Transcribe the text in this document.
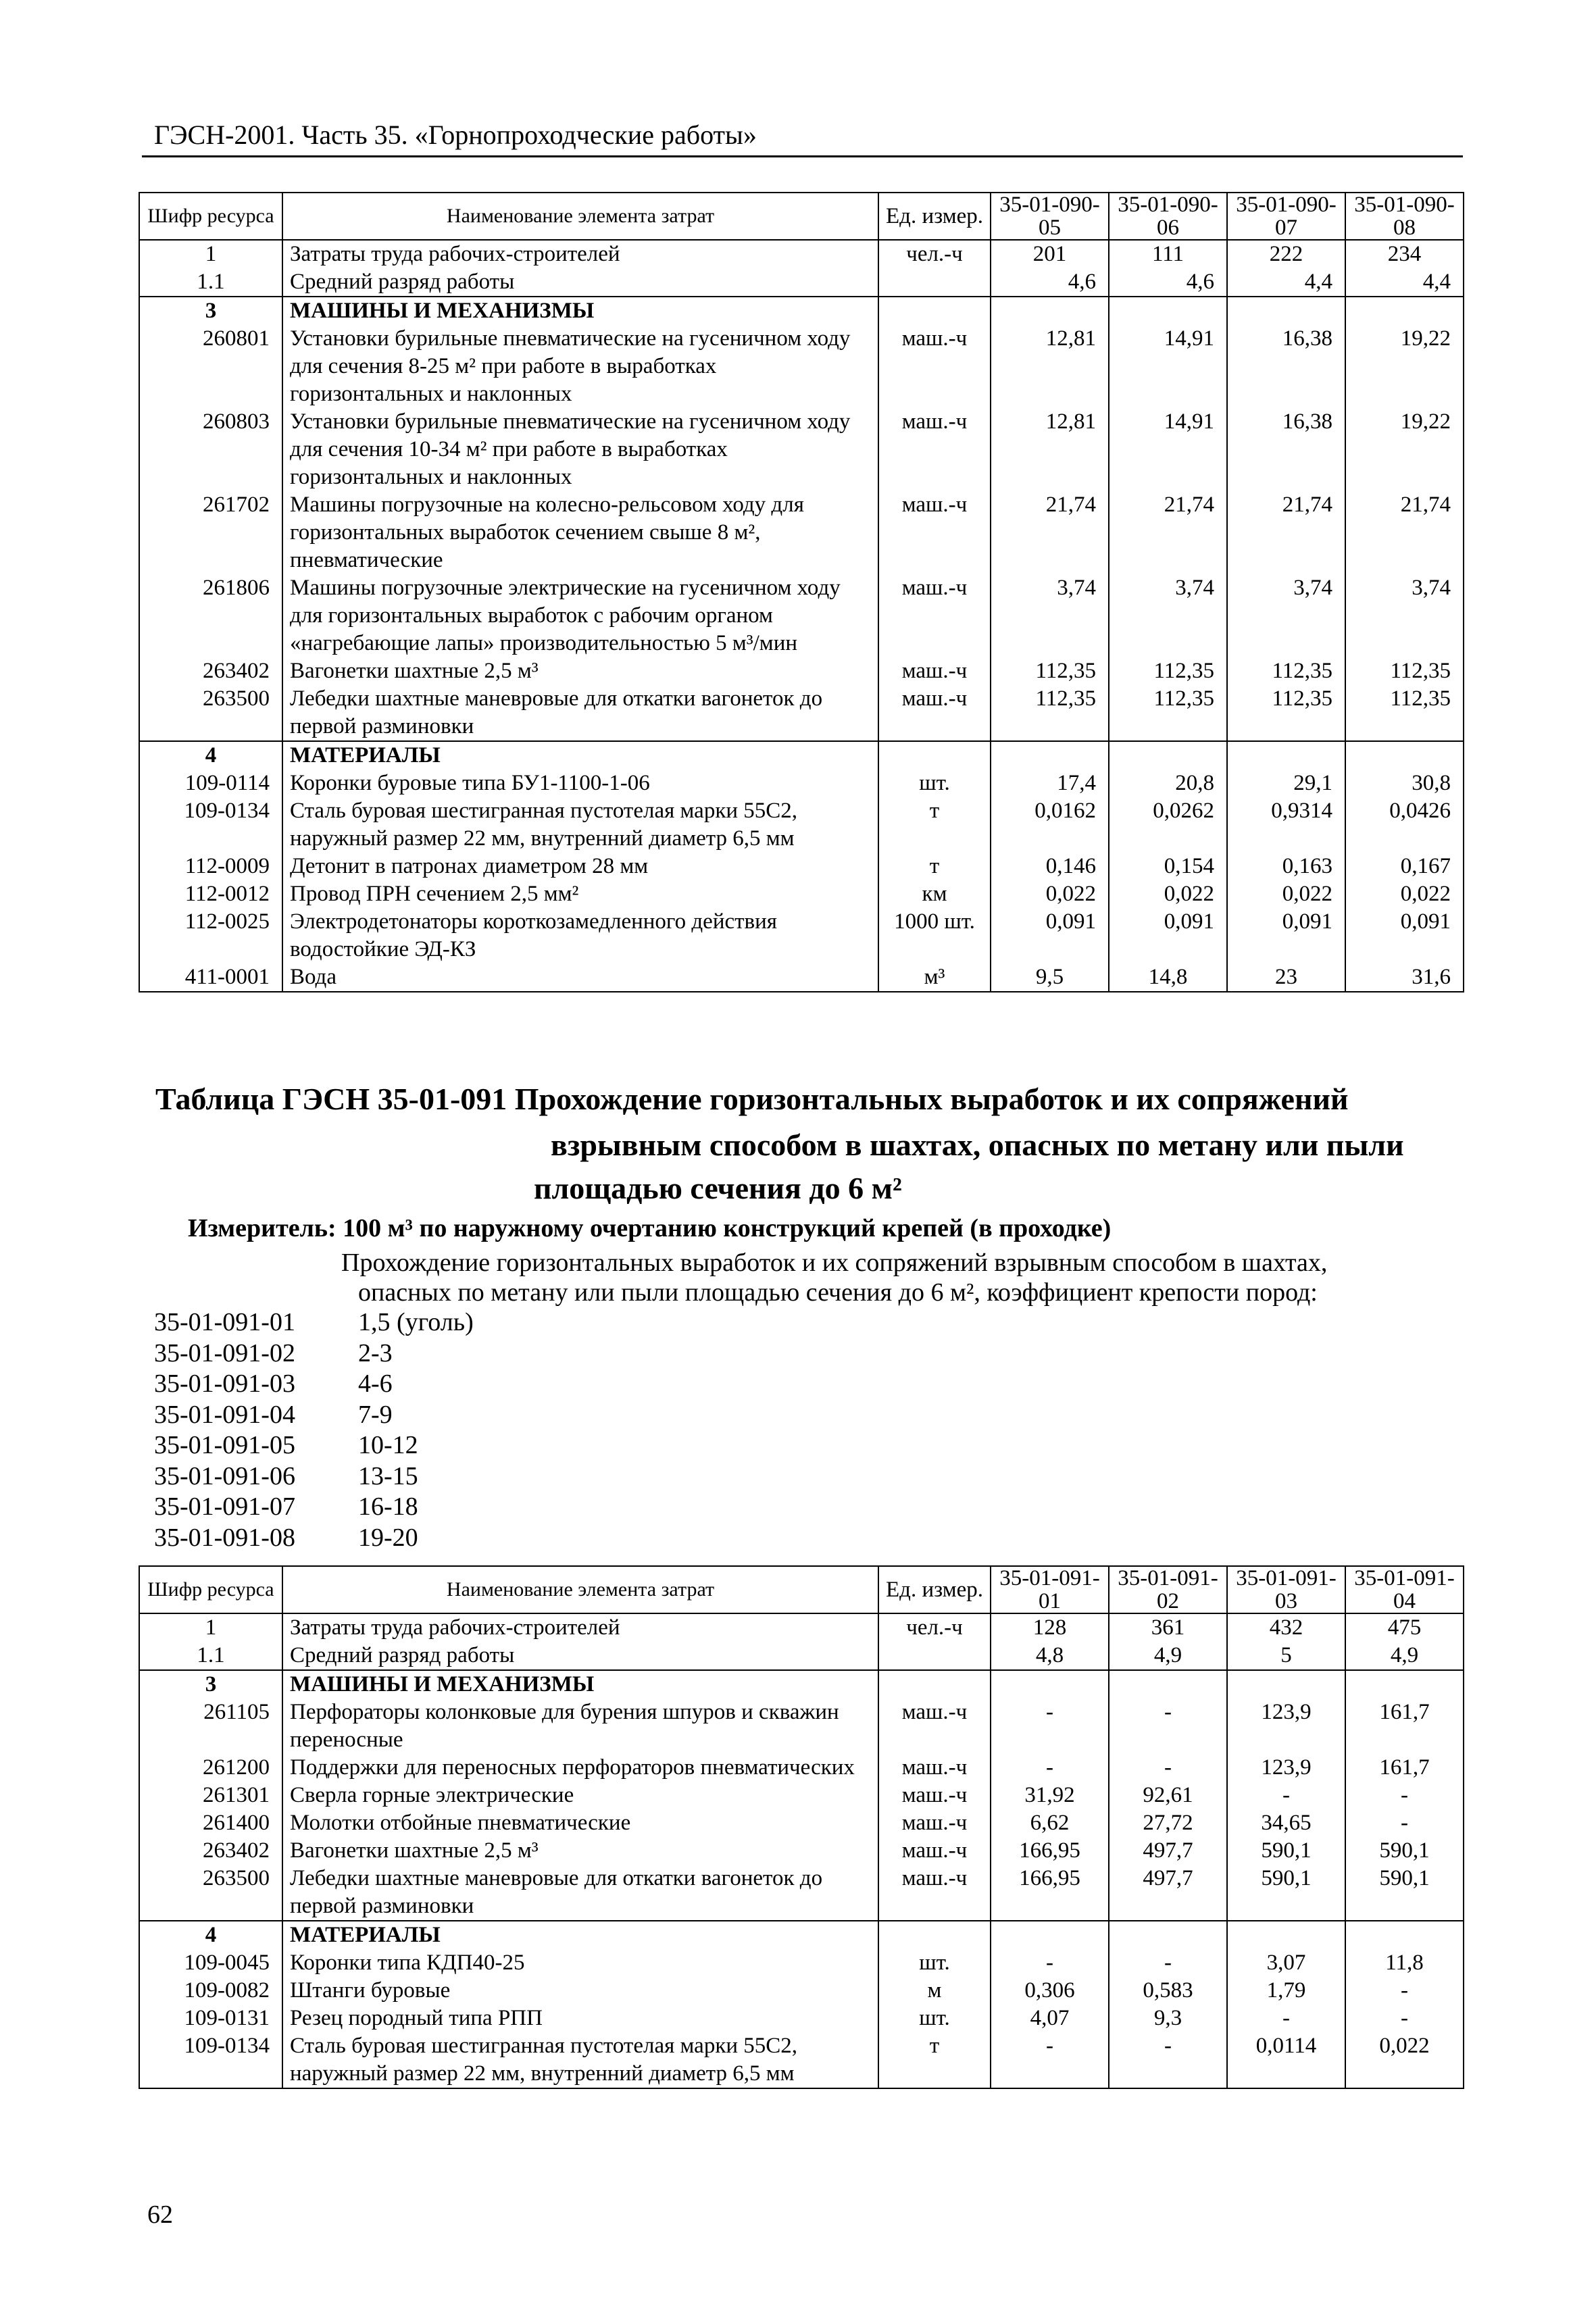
ГЭСН-2001. Часть 35. «Горнопроходческие работы»
Шифр ресурса	Наименование элемента затрат	Ед. измер.	35-01-090-05	35-01-090-06	35-01-090-07	35-01-090-08
1	Затраты труда рабочих-строителей	чел.-ч	201	111	222	234
1.1	Средний разряд работы		4,6	4,6	4,4	4,4
3	МАШИНЫ И МЕХАНИЗМЫ					
260801	Установки бурильные пневматические на гусеничном ходу для сечения 8-25 м² при работе в выработках горизонтальных и наклонных	маш.-ч	12,81	14,91	16,38	19,22
260803	Установки бурильные пневматические на гусеничном ходу для сечения 10-34 м² при работе в выработках горизонтальных и наклонных	маш.-ч	12,81	14,91	16,38	19,22
261702	Машины погрузочные на колесно-рельсовом ходу для горизонтальных выработок сечением свыше 8 м², пневматические	маш.-ч	21,74	21,74	21,74	21,74
261806	Машины погрузочные электрические на гусеничном ходу для горизонтальных выработок с рабочим органом «нагребающие лапы» производительностью 5 м³/мин	маш.-ч	3,74	3,74	3,74	3,74
263402	Вагонетки шахтные 2,5 м³	маш.-ч	112,35	112,35	112,35	112,35
263500	Лебедки шахтные маневровые для откатки вагонеток до первой разминовки	маш.-ч	112,35	112,35	112,35	112,35
4	МАТЕРИАЛЫ					
109-0114	Коронки буровые типа БУ1-1100-1-06	шт.	17,4	20,8	29,1	30,8
109-0134	Сталь буровая шестигранная пустотелая марки 55С2, наружный размер 22 мм, внутренний диаметр 6,5 мм	т	0,0162	0,0262	0,9314	0,0426
112-0009	Детонит в патронах диаметром 28 мм	т	0,146	0,154	0,163	0,167
112-0012	Провод ПРН сечением 2,5 мм²	км	0,022	0,022	0,022	0,022
112-0025	Электродетонаторы короткозамедленного действия водостойкие ЭД-КЗ	1000 шт.	0,091	0,091	0,091	0,091
411-0001	Вода	м³	9,5	14,8	23	31,6
Таблица ГЭСН 35-01-091 Прохождение горизонтальных выработок и их сопряжений
взрывным способом в шахтах, опасных по метану или пыли
площадью сечения до 6 м²
Измеритель: 100 м³ по наружному очертанию конструкций крепей (в проходке)
Прохождение горизонтальных выработок и их сопряжений взрывным способом в шахтах,
опасных по метану или пыли площадью сечения до 6 м², коэффициент крепости пород:
35-01-091-01 1,5 (уголь)
35-01-091-02 2-3
35-01-091-03 4-6
35-01-091-04 7-9
35-01-091-05 10-12
35-01-091-06 13-15
35-01-091-07 16-18
35-01-091-08 19-20
Шифр ресурса	Наименование элемента затрат	Ед. измер.	35-01-091-01	35-01-091-02	35-01-091-03	35-01-091-04
1	Затраты труда рабочих-строителей	чел.-ч	128	361	432	475
1.1	Средний разряд работы		4,8	4,9	5	4,9
3	МАШИНЫ И МЕХАНИЗМЫ					
261105	Перфораторы колонковые для бурения шпуров и скважин переносные	маш.-ч	-	-	123,9	161,7
261200	Поддержки для переносных перфораторов пневматических	маш.-ч	-	-	123,9	161,7
261301	Сверла горные электрические	маш.-ч	31,92	92,61	-	-
261400	Молотки отбойные пневматические	маш.-ч	6,62	27,72	34,65	-
263402	Вагонетки шахтные 2,5 м³	маш.-ч	166,95	497,7	590,1	590,1
263500	Лебедки шахтные маневровые для откатки вагонеток до первой разминовки	маш.-ч	166,95	497,7	590,1	590,1
4	МАТЕРИАЛЫ					
109-0045	Коронки типа КДП40-25	шт.	-	-	3,07	11,8
109-0082	Штанги буровые	м	0,306	0,583	1,79	-
109-0131	Резец породный типа РПП	шт.	4,07	9,3	-	-
109-0134	Сталь буровая шестигранная пустотелая марки 55С2, наружный размер 22 мм, внутренний диаметр 6,5 мм	т	-	-	0,0114	0,022
62
